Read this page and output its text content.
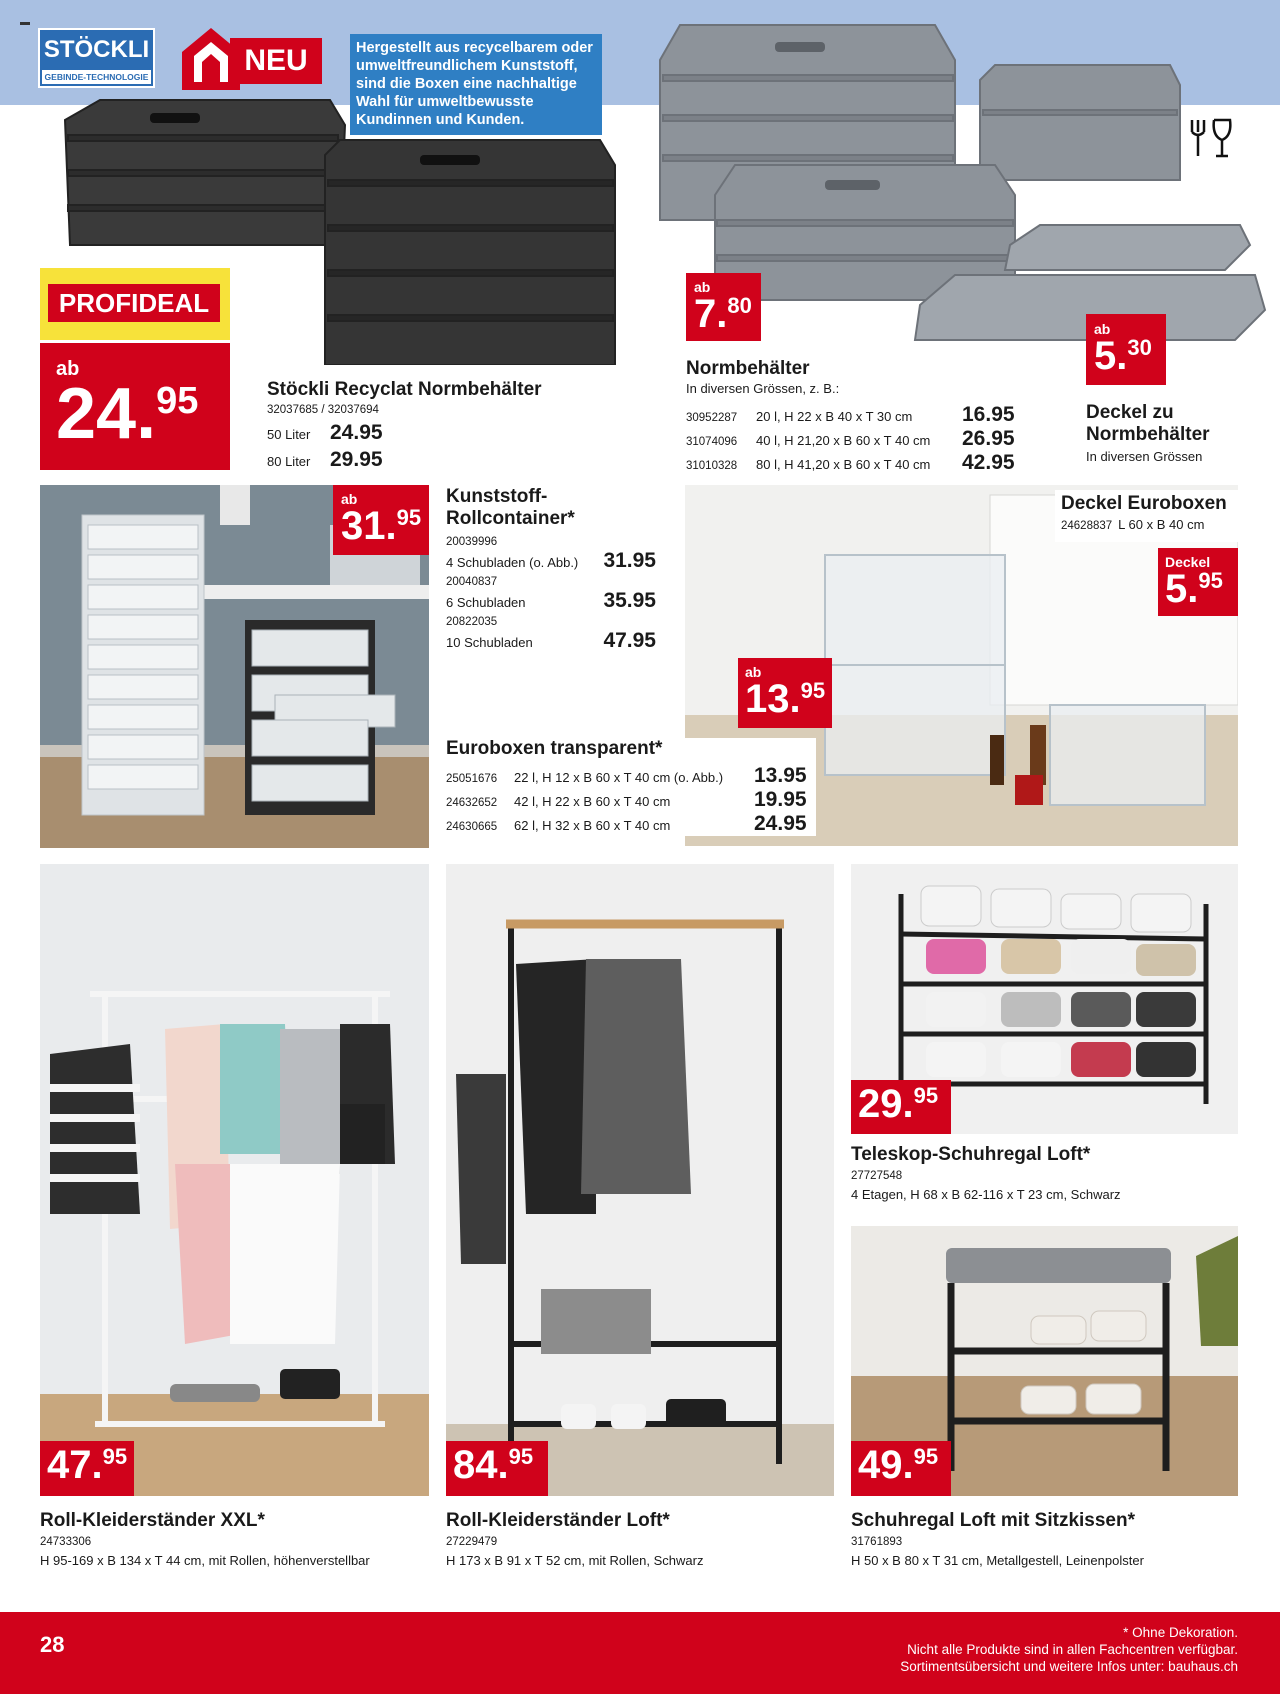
STÖCKLI
GEBINDE-TECHNOLOGIE	NEU	Hergestellt aus recycelbarem oder umweltfreundlichem Kunststoff, sind die Boxen eine nachhaltige Wahl für umweltbewusste Kundinnen und Kunden.
PROFIDEAL
ab
24.95	Stöckli Recyclat Normbehälter
32037685 / 32037694
50 Liter 24.95
80 Liter 29.95
ab
7.80
Normbehälter
In diversen Grössen, z. B.:
30952287	20 l, H 22 x B 40 x T 30 cm	16.95
31074096	40 l, H 21,20 x B 60 x T 40 cm	26.95
31010328	80 l, H 41,20 x B 60 x T 40 cm	42.95
ab
5.30
Deckel zu
Normbehälter
In diversen Grössen
ab
31.95
Kunststoff-
Rollcontainer*
20039996
4 Schubladen (o. Abb.) 31.95
20040837
6 Schubladen	35.95
20822035
10 Schubladen	47.95
Deckel Euroboxen
24628837 L 60 x B 40 cm
Deckel
5.95
ab
13.95
Euroboxen transparent*
25051676	22 l, H 12 x B 60 x T 40 cm (o. Abb.)	13.95
24632652	42 l, H 22 x B 60 x T 40 cm	19.95
24630665	62 l, H 32 x B 60 x T 40 cm	24.95
47.95
Roll-Kleiderständer XXL*
24733306
H 95-169 x B 134 x T 44 cm, mit Rollen, höhenverstellbar
84.95
Roll-Kleiderständer Loft*
27229479
H 173 x B 91 x T 52 cm, mit Rollen, Schwarz
29.95
Teleskop-Schuhregal Loft*
27727548
4 Etagen, H 68 x B 62-116 x T 23 cm, Schwarz
49.95
Schuhregal Loft mit Sitzkissen*
31761893
H 50 x B 80 x T 31 cm, Metallgestell, Leinenpolster
28	* Ohne Dekoration.
Nicht alle Produkte sind in allen Fachcentren verfügbar.
Sortimentsübersicht und weitere Infos unter: bauhaus.ch
